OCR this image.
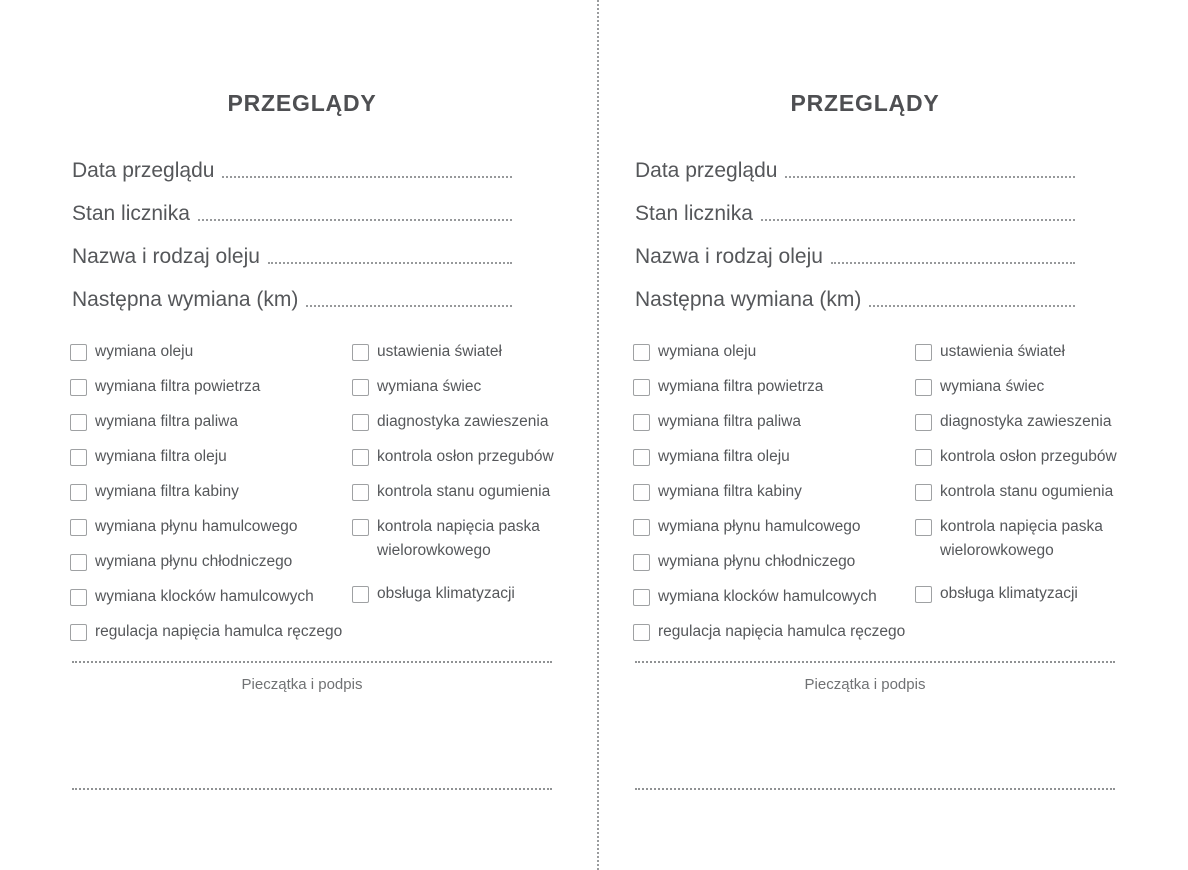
PRZEGLĄDY
Data przeglądu
Stan licznika
Nazwa i rodzaj oleju
Następna wymiana (km)
wymiana oleju
wymiana filtra powietrza
wymiana filtra paliwa
wymiana filtra oleju
wymiana filtra kabiny
wymiana płynu hamulcowego
wymiana płynu chłodniczego
wymiana klocków hamulcowych
regulacja napięcia hamulca ręczego
ustawienia świateł
wymiana świec
diagnostyka zawieszenia
kontrola osłon przegubów
kontrola stanu ogumienia
kontrola napięcia paska wielorowkowego
obsługa klimatyzacji
Pieczątka i podpis
PRZEGLĄDY
Data przeglądu
Stan licznika
Nazwa i rodzaj oleju
Następna wymiana (km)
wymiana oleju
wymiana filtra powietrza
wymiana filtra paliwa
wymiana filtra oleju
wymiana filtra kabiny
wymiana płynu hamulcowego
wymiana płynu chłodniczego
wymiana klocków hamulcowych
regulacja napięcia hamulca ręczego
ustawienia świateł
wymiana świec
diagnostyka zawieszenia
kontrola osłon przegubów
kontrola stanu ogumienia
kontrola napięcia paska wielorowkowego
obsługa klimatyzacji
Pieczątka i podpis
